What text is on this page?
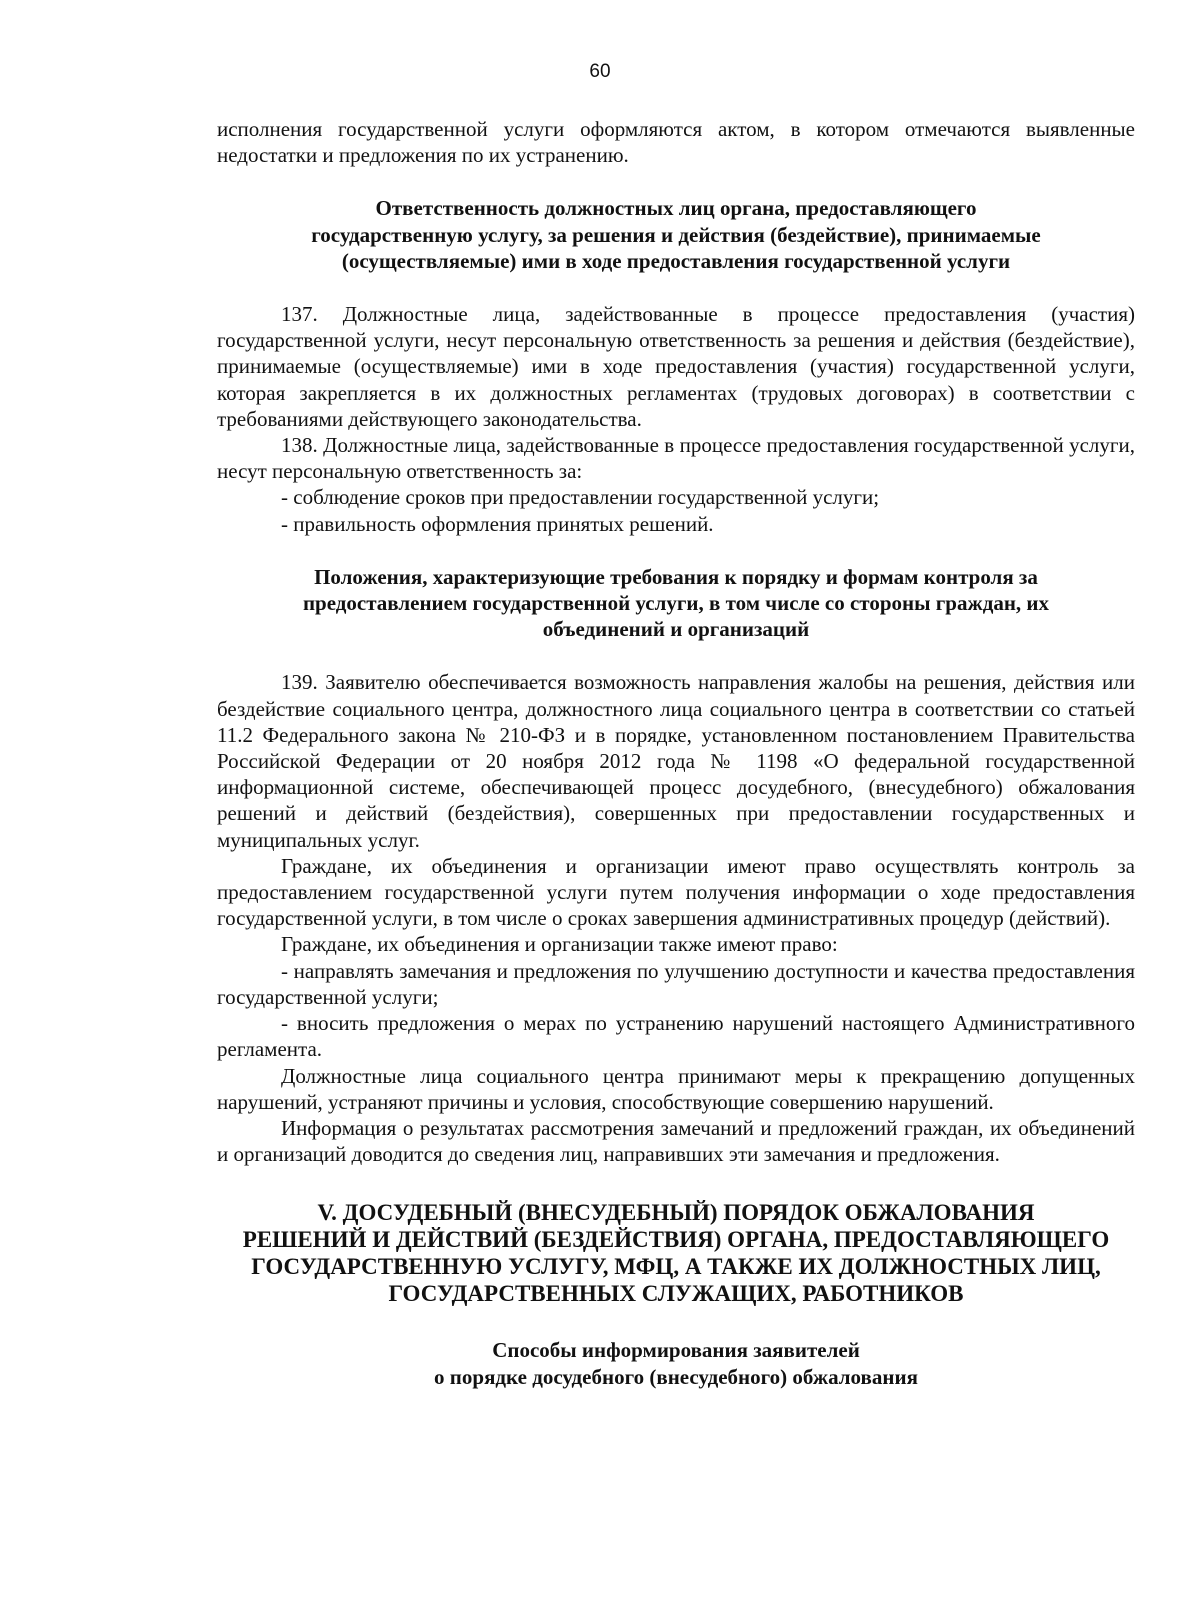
60

исполнения государственной услуги оформляются актом, в котором отмечаются выявленные недостатки и предложения по их устранению.

Ответственность должностных лиц органа, предоставляющего
государственную услугу, за решения и действия (бездействие), принимаемые
(осуществляемые) ими в ходе предоставления государственной услуги

137. Должностные лица, задействованные в процессе предоставления (участия) государственной услуги, несут персональную ответственность за решения и действия (бездействие), принимаемые (осуществляемые) ими в ходе предоставления (участия) государственной услуги, которая закрепляется в их должностных регламентах (трудовых договорах) в соответствии с требованиями действующего законодательства.

138. Должностные лица, задействованные в процессе предоставления государственной услуги, несут персональную ответственность за:

- соблюдение сроков при предоставлении государственной услуги;

- правильность оформления принятых решений.

Положения, характеризующие требования к порядку и формам контроля за
предоставлением государственной услуги, в том числе со стороны граждан, их
объединений и организаций

139. Заявителю обеспечивается возможность направления жалобы на решения, действия или бездействие социального центра, должностного лица социального центра в соответствии со статьей 11.2 Федерального закона № 210-ФЗ и в порядке, установленном постановлением Правительства Российской Федерации от 20 ноября 2012 года № 1198 «О федеральной государственной информационной системе, обеспечивающей процесс досудебного, (внесудебного) обжалования решений и действий (бездействия), совершенных при предоставлении государственных и муниципальных услуг.

Граждане, их объединения и организации имеют право осуществлять контроль за предоставлением государственной услуги путем получения информации о ходе предоставления государственной услуги, в том числе о сроках завершения административных процедур (действий).

Граждане, их объединения и организации также имеют право:

- направлять замечания и предложения по улучшению доступности и качества предоставления государственной услуги;

- вносить предложения о мерах по устранению нарушений настоящего Административного регламента.

Должностные лица социального центра принимают меры к прекращению допущенных нарушений, устраняют причины и условия, способствующие совершению нарушений.

Информация о результатах рассмотрения замечаний и предложений граждан, их объединений и организаций доводится до сведения лиц, направивших эти замечания и предложения.

V. ДОСУДЕБНЫЙ (ВНЕСУДЕБНЫЙ) ПОРЯДОК ОБЖАЛОВАНИЯ
РЕШЕНИЙ И ДЕЙСТВИЙ (БЕЗДЕЙСТВИЯ) ОРГАНА, ПРЕДОСТАВЛЯЮЩЕГО
ГОСУДАРСТВЕННУЮ УСЛУГУ, МФЦ, А ТАКЖЕ ИХ ДОЛЖНОСТНЫХ ЛИЦ,
ГОСУДАРСТВЕННЫХ СЛУЖАЩИХ, РАБОТНИКОВ
Способы информирования заявителей
о порядке досудебного (внесудебного) обжалования
